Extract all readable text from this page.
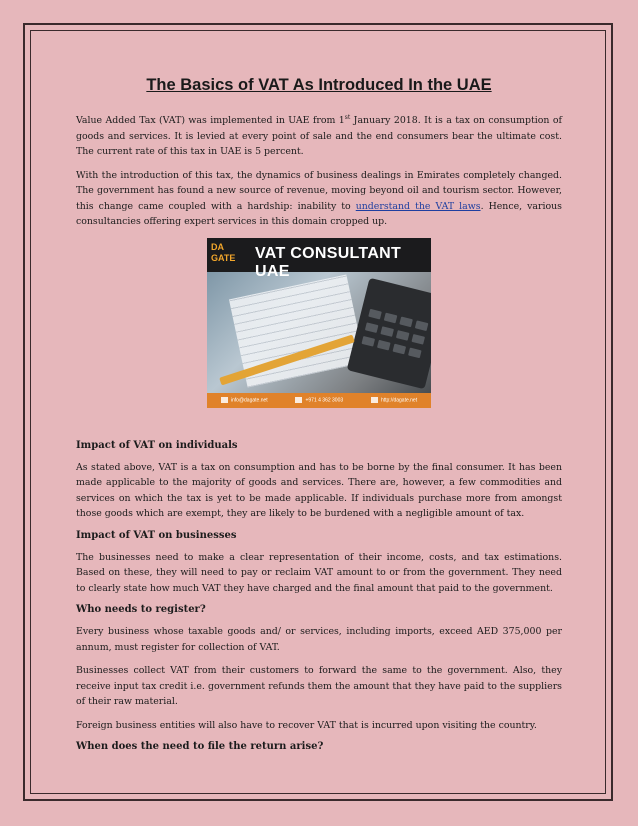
The Basics of VAT As Introduced In the UAE

Value Added Tax (VAT) was implemented in UAE from 1st January 2018. It is a tax on consumption of goods and services. It is levied at every point of sale and the end consumers bear the ultimate cost. The current rate of this tax in UAE is 5 percent.

With the introduction of this tax, the dynamics of business dealings in Emirates completely changed. The government has found a new source of revenue, moving beyond oil and tourism sector. However, this change came coupled with a hardship: inability to understand the VAT laws. Hence, various consultancies offering expert services in this domain cropped up.

DA GATE	VAT CONSULTANT UAE
info@dagate.net	+971 4 362 3003	http://dagate.net
Impact of VAT on individuals

As stated above, VAT is a tax on consumption and has to be borne by the final consumer. It has been made applicable to the majority of goods and services. There are, however, a few commodities and services on which the tax is yet to be made applicable. If individuals purchase more from amongst those goods which are exempt, they are likely to be burdened with a negligible amount of tax.

Impact of VAT on businesses

The businesses need to make a clear representation of their income, costs, and tax estimations. Based on these, they will need to pay or reclaim VAT amount to or from the government. They need to clearly state how much VAT they have charged and the final amount that paid to the government.

Who needs to register?

Every business whose taxable goods and/ or services, including imports, exceed AED 375,000 per annum, must register for collection of VAT.

Businesses collect VAT from their customers to forward the same to the government. Also, they receive input tax credit i.e. government refunds them the amount that they have paid to the suppliers of their raw material.

Foreign business entities will also have to recover VAT that is incurred upon visiting the country.

When does the need to file the return arise?
